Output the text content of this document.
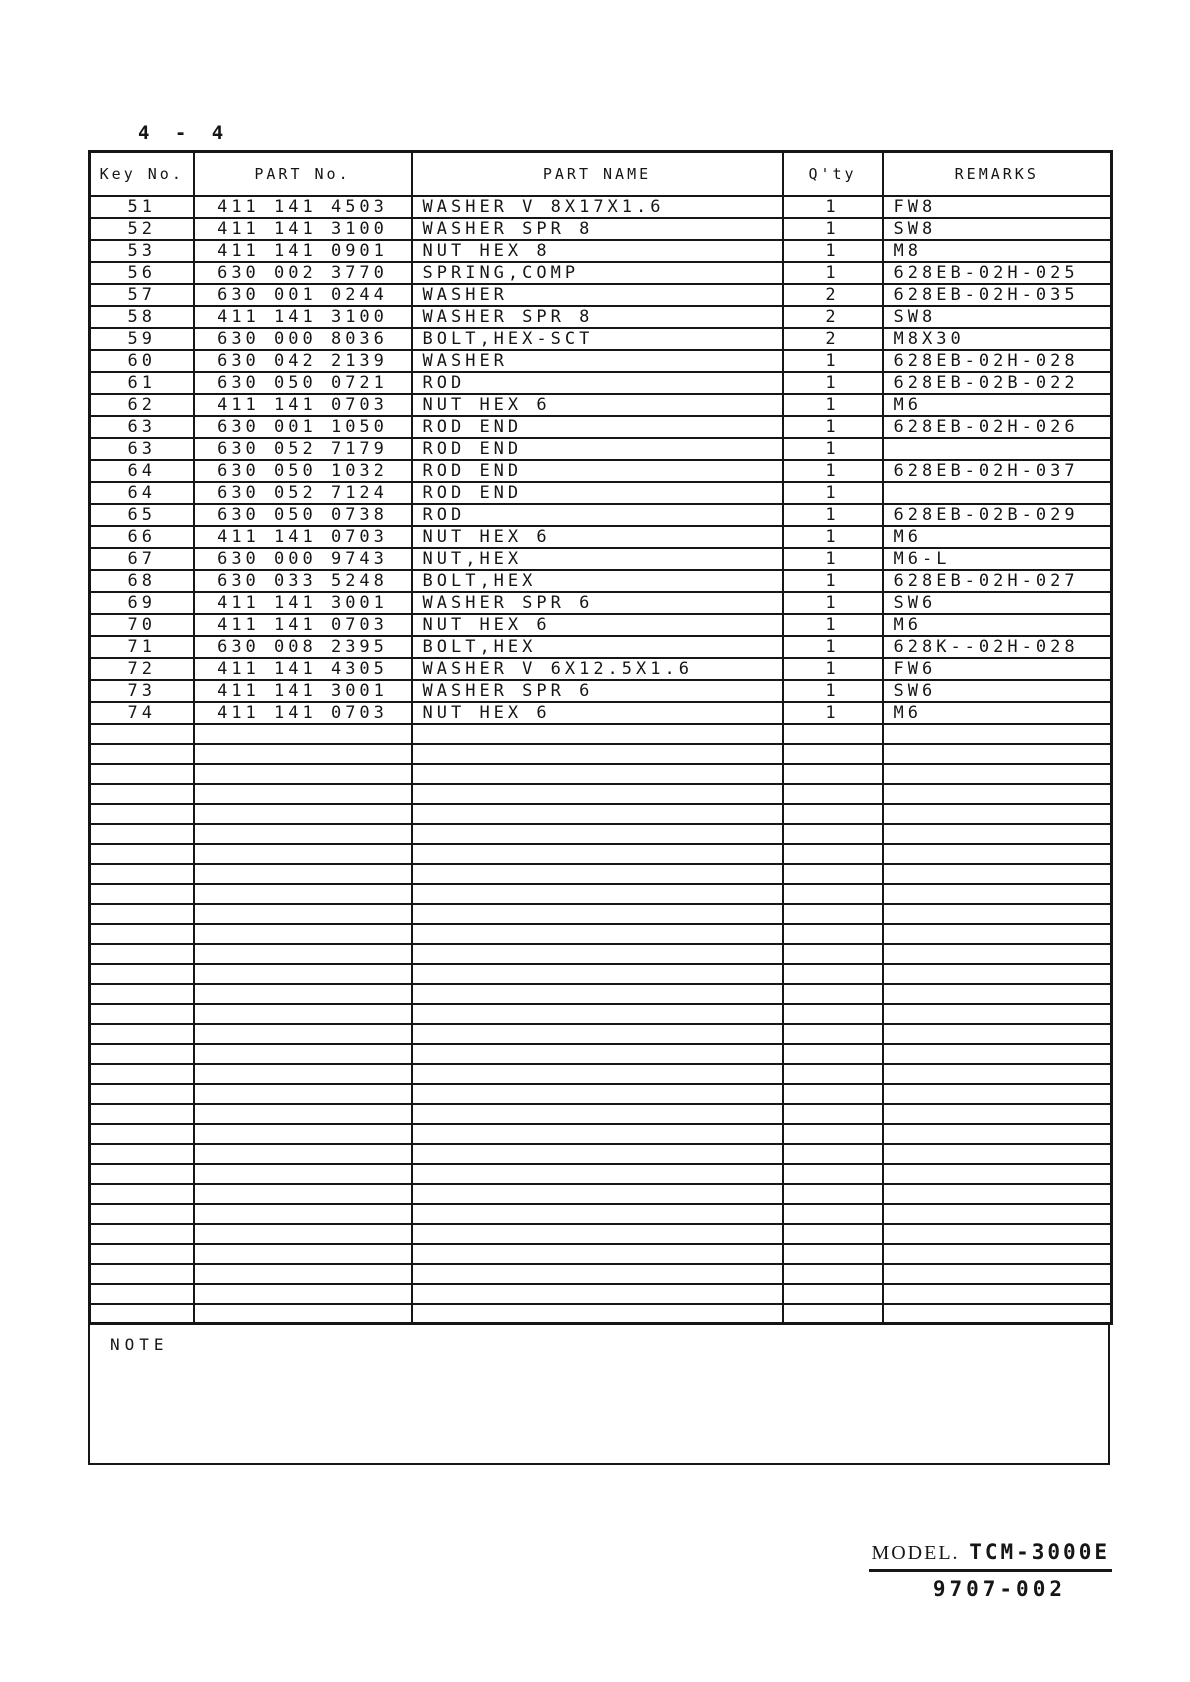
4 - 4
Key No.	PART No.	PART NAME	Q'ty	REMARKS
51	411 141 4503	WASHER V 8X17X1.6	1	FW8
52	411 141 3100	WASHER SPR 8	1	SW8
53	411 141 0901	NUT HEX 8	1	M8
56	630 002 3770	SPRING,COMP	1	628EB-02H-025
57	630 001 0244	WASHER	2	628EB-02H-035
58	411 141 3100	WASHER SPR 8	2	SW8
59	630 000 8036	BOLT,HEX-SCT	2	M8X30
60	630 042 2139	WASHER	1	628EB-02H-028
61	630 050 0721	ROD	1	628EB-02B-022
62	411 141 0703	NUT HEX 6	1	M6
63	630 001 1050	ROD END	1	628EB-02H-026
63	630 052 7179	ROD END	1	
64	630 050 1032	ROD END	1	628EB-02H-037
64	630 052 7124	ROD END	1	
65	630 050 0738	ROD	1	628EB-02B-029
66	411 141 0703	NUT HEX 6	1	M6
67	630 000 9743	NUT,HEX	1	M6-L
68	630 033 5248	BOLT,HEX	1	628EB-02H-027
69	411 141 3001	WASHER SPR 6	1	SW6
70	411 141 0703	NUT HEX 6	1	M6
71	630 008 2395	BOLT,HEX	1	628K--02H-028
72	411 141 4305	WASHER V 6X12.5X1.6	1	FW6
73	411 141 3001	WASHER SPR 6	1	SW6
74	411 141 0703	NUT HEX 6	1	M6

NOTE
MODEL. TCM-3000E
9707-002
